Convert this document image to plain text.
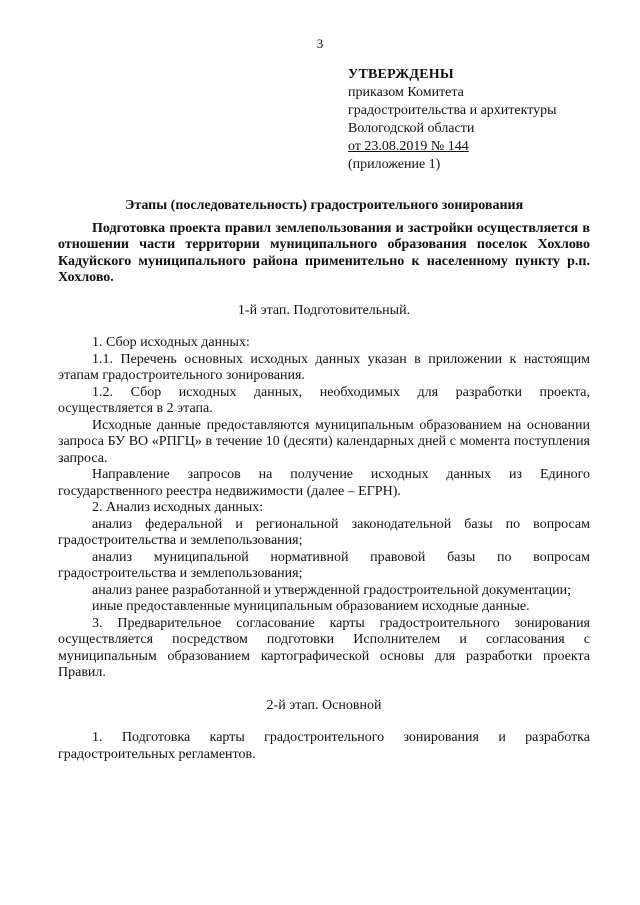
3
УТВЕРЖДЕНЫ
приказом Комитета
градостроительства и архитектуры
Вологодской области
от 23.08.2019 № 144
(приложение 1)
Этапы (последовательность) градостроительного зонирования

Подготовка проекта правил землепользования и застройки осуществляется в отношении части территории муниципального образования поселок Хохлово Кадуйского муниципального района применительно к населенному пункту р.п. Хохлово.

1-й этап. Подготовительный.

1. Сбор исходных данных:

1.1. Перечень основных исходных данных указан в приложении к настоящим этапам градостроительного зонирования.

1.2. Сбор исходных данных, необходимых для разработки проекта, осуществляется в 2 этапа.

Исходные данные предоставляются муниципальным образованием на основании запроса БУ ВО «РПГЦ» в течение 10 (десяти) календарных дней с момента поступления запроса.

Направление запросов на получение исходных данных из Единого государственного реестра недвижимости (далее – ЕГРН).

2. Анализ исходных данных:

анализ федеральной и региональной законодательной базы по вопросам градостроительства и землепользования;

анализ муниципальной нормативной правовой базы по вопросам градостроительства и землепользования;

анализ ранее разработанной и утвержденной градостроительной документации;

иные предоставленные муниципальным образованием исходные данные.

3. Предварительное согласование карты градостроительного зонирования осуществляется посредством подготовки Исполнителем и согласования с муниципальным образованием картографической основы для разработки проекта Правил.

2-й этап. Основной

1. Подготовка карты градостроительного зонирования и разработка градостроительных регламентов.
